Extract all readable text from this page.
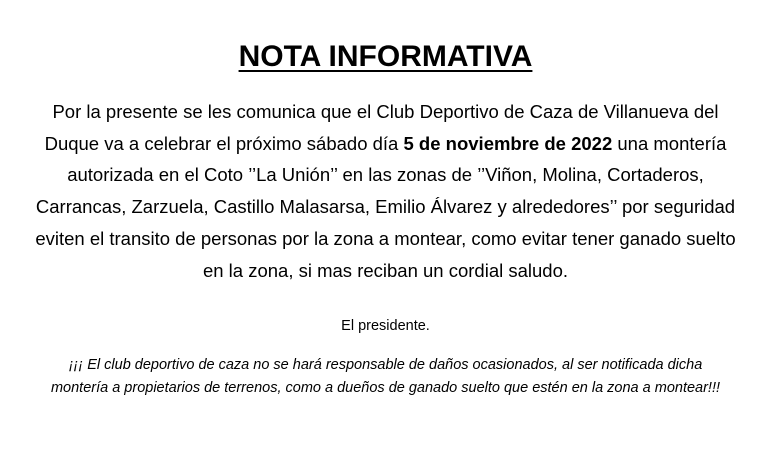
NOTA INFORMATIVA
Por la presente se les comunica que el Club Deportivo de Caza de Villanueva del Duque va a celebrar el próximo sábado día 5 de noviembre de 2022 una montería autorizada en el Coto ’’La Unión’’ en las zonas de ’’Viñon, Molina, Cortaderos, Carrancas, Zarzuela, Castillo Malasarsa, Emilio Álvarez y alrededores’’ por seguridad eviten el transito de personas por la zona a montear, como evitar tener ganado suelto en la zona, si mas reciban un cordial saludo.
El presidente.
¡¡¡ El club deportivo de caza no se hará responsable de daños ocasionados, al ser notificada dicha montería a propietarios de terrenos, como a dueños de ganado suelto que estén en la zona a montear!!!
